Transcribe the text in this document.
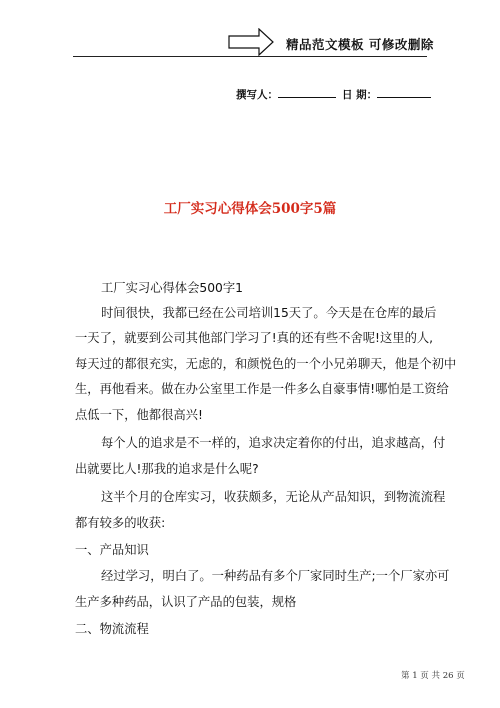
精品范文模板 可修改删除
撰写人：	日 期：
工厂实习心得体会500字5篇
工厂实习心得体会500字1
时间很快，我都已经在公司培训15天了。今天是在仓库的最后
一天了，就要到公司其他部门学习了!真的还有些不舍呢!这里的人,
每天过的都很充实，无虑的，和颜悦色的一个小兄弟聊天，他是个初中
生，再他看来。做在办公室里工作是一件多么自豪事情!哪怕是工资给
点低一下，他都很高兴!
每个人的追求是不一样的，追求决定着你的付出，追求越高，付
出就要比人!那我的追求是什么呢?
这半个月的仓库实习，收获颇多，无论从产品知识，到物流流程
都有较多的收获:
一、产品知识
经过学习，明白了。一种药品有多个厂家同时生产;一个厂家亦可
生产多种药品，认识了产品的包装，规格
二、物流流程
第 1 页 共 26 页
